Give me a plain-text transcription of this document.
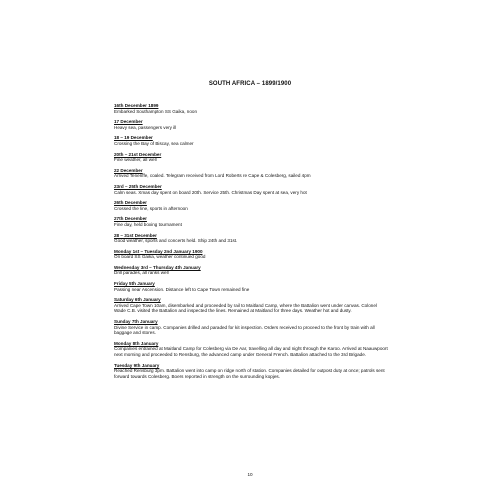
SOUTH AFRICA – 1899/1900
16th December 1899
Embarked Southampton SS Gaika, noon
17 December
Heavy sea, passengers very ill
18 – 19 December
Crossing the Bay of Biscay, sea calmer
20th – 21st December
Fine weather, all well
22 December
Arrived Teneriffe, coaled. Telegram received from Lord Roberts re Cape & Colesberg, sailed 4pm
23rd – 25th December
Calm seas. Xmas day spent on board 20th. Service 25th. Christmas Day spent at sea, very hot
26th December
Crossed the line, sports in afternoon
27th December
Fine day, held boxing tournament
28 – 31st December
Good weather, sports and concerts held. Ship 24th and 31st.
Monday 1st – Tuesday 2nd January 1900
On board SS Gaika, weather continued good
Wednesday 3rd – Thursday 4th January
Drill parades, all ranks well
Friday 5th January
Passing near Ascension. Distance left to Cape Town remained fine
Saturday 6th January
Arrived Cape Town 10am, disembarked and proceeded by rail to Maitland Camp, where the Battalion went under canvas. Colonel Wade C.B. visited the Battalion and inspected the lines. Remained at Maitland for three days. Weather hot and dusty.
Sunday 7th January
Divine Service in camp. Companies drilled and paraded for kit inspection. Orders received to proceed to the front by train with all baggage and stores.
Monday 8th January
Companies entrained at Maitland Camp for Colesberg via De Aar, travelling all day and night through the Karoo. Arrived at Naauwpoort next morning and proceeded to Rensburg, the advanced camp under General French. Battalion attached to the 3rd Brigade.
Tuesday 9th January
Reached Rensburg 3pm. Battalion went into camp on ridge north of station. Companies detailed for outpost duty at once; patrols sent forward towards Colesberg. Boers reported in strength on the surrounding kopjes.
10
